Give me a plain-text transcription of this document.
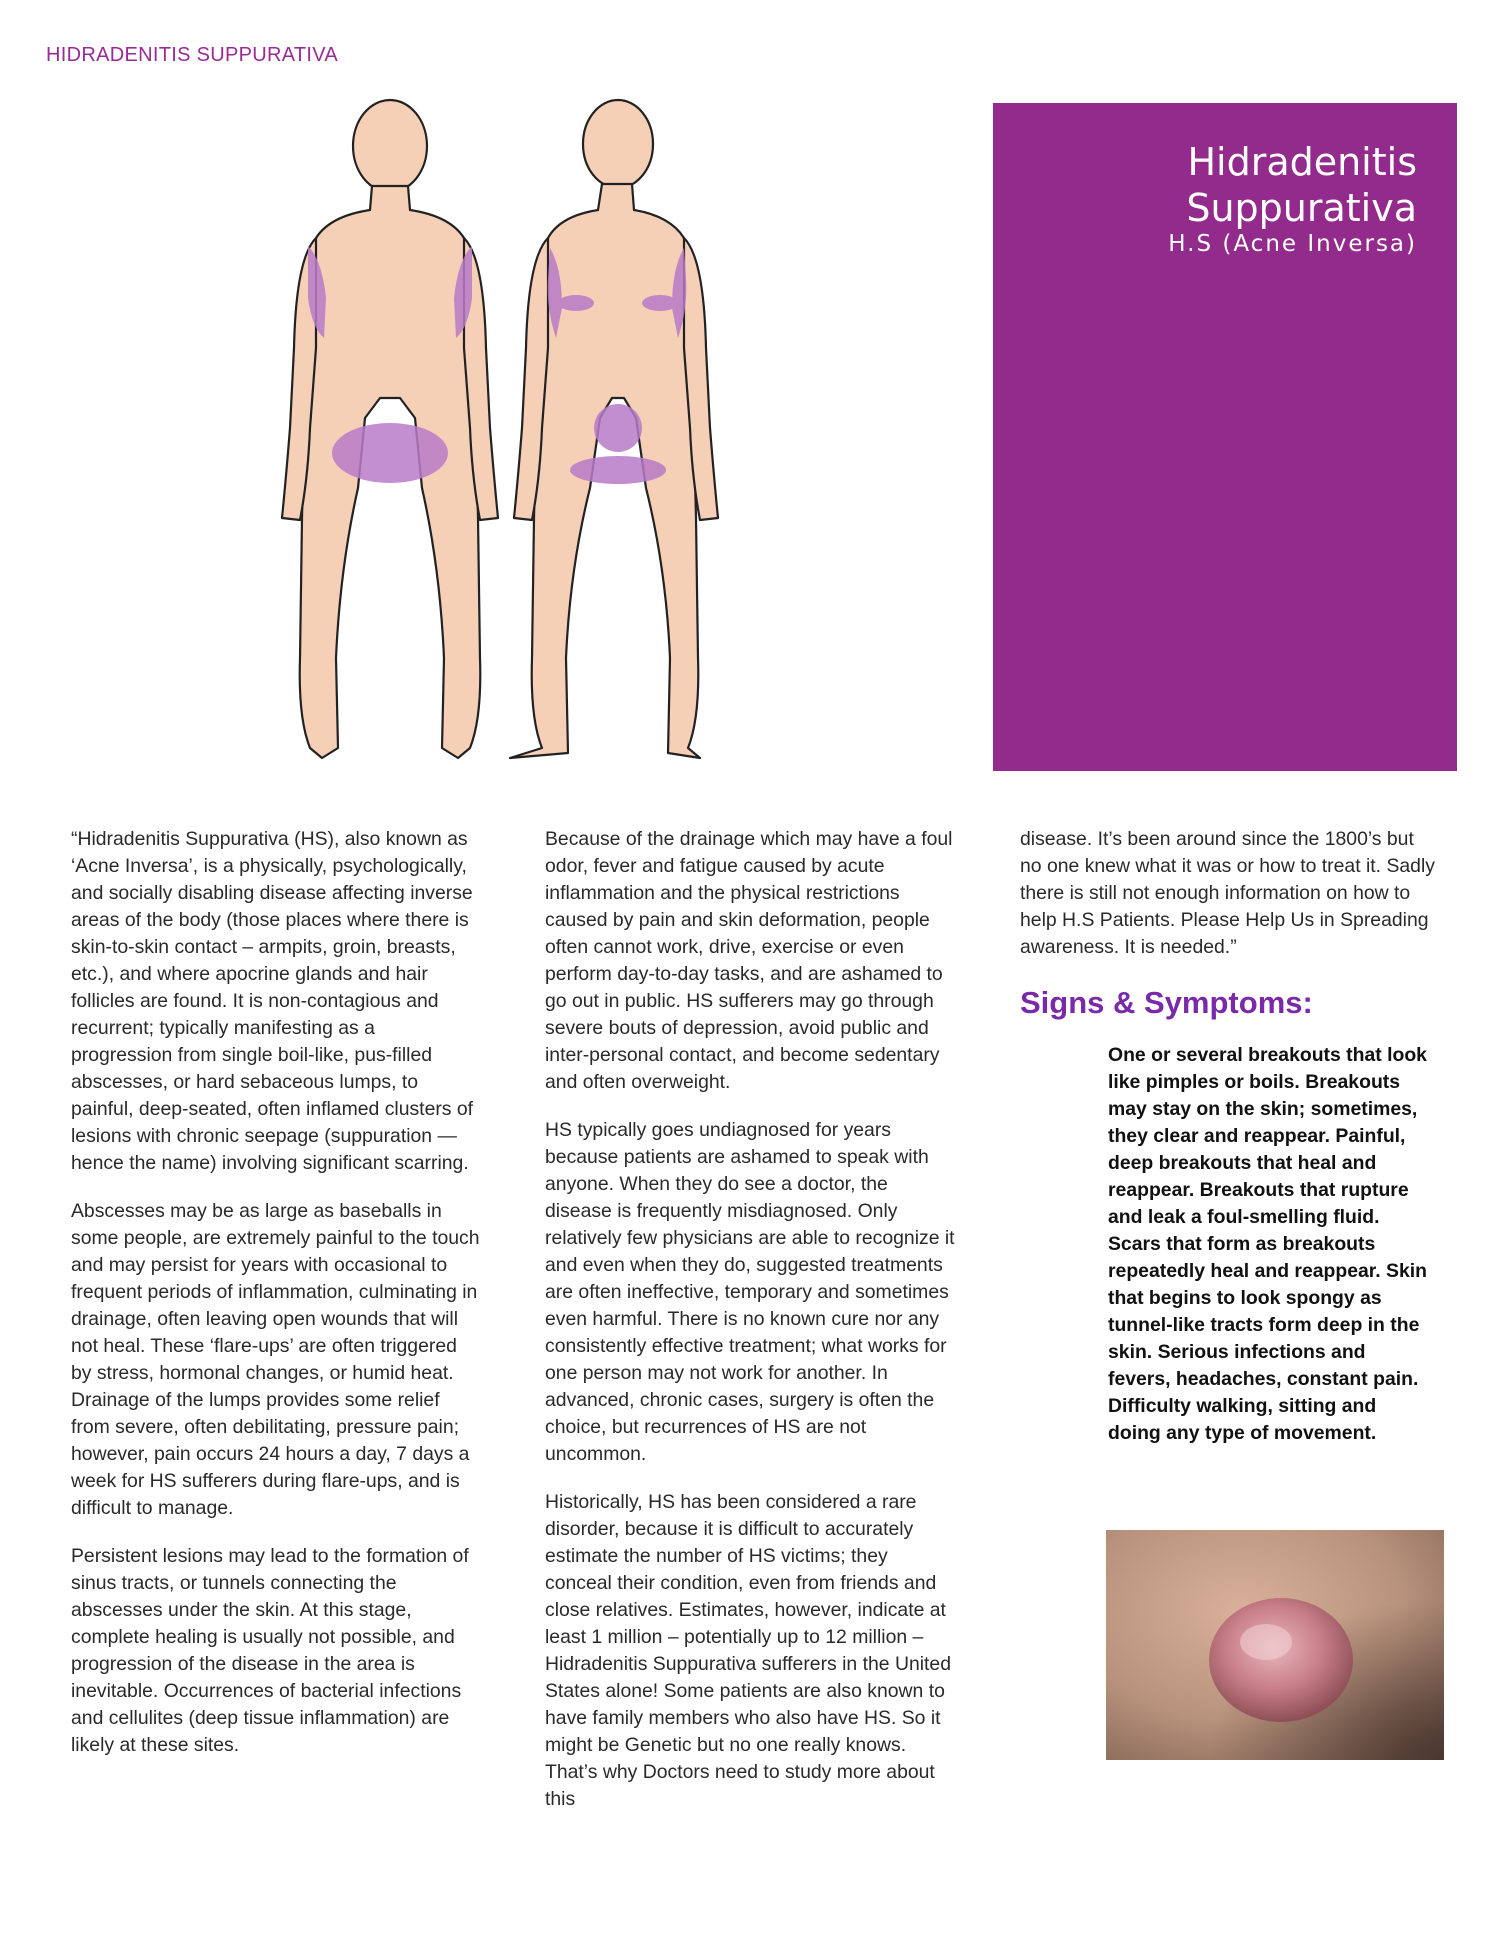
HIDRADENITIS SUPPURATIVA
Hidradenitis
Suppurativa
H.S (Acne Inversa)

“Hidradenitis Suppurativa (HS), also known as ‘Acne Inversa’, is a physically, psychologically, and socially disabling disease affecting inverse areas of the body (those places where there is skin-to-skin contact – armpits, groin, breasts, etc.), and where apocrine glands and hair follicles are found. It is non-contagious and recurrent; typically manifesting as a progression from single boil-like, pus-filled abscesses, or hard sebaceous lumps, to painful, deep-seated, often inflamed clusters of lesions with chronic seepage (suppuration — hence the name) involving significant scarring.

Abscesses may be as large as baseballs in some people, are extremely painful to the touch and may persist for years with occasional to frequent periods of inflammation, culminating in drainage, often leaving open wounds that will not heal. These ‘flare-ups’ are often triggered by stress, hormonal changes, or humid heat. Drainage of the lumps provides some relief from severe, often debilitating, pressure pain; however, pain occurs 24 hours a day, 7 days a week for HS sufferers during flare-ups, and is difficult to manage.

Persistent lesions may lead to the formation of sinus tracts, or tunnels connecting the abscesses under the skin. At this stage, complete healing is usually not possible, and progression of the disease in the area is inevitable. Occurrences of bacterial infections and cellulites (deep tissue inflammation) are likely at these sites.

Because of the drainage which may have a foul odor, fever and fatigue caused by acute inflammation and the physical restrictions caused by pain and skin deformation, people often cannot work, drive, exercise or even perform day-to-day tasks, and are ashamed to go out in public. HS sufferers may go through severe bouts of depression, avoid public and inter-personal contact, and become sedentary and often overweight.

HS typically goes undiagnosed for years because patients are ashamed to speak with anyone. When they do see a doctor, the disease is frequently misdiagnosed. Only relatively few physicians are able to recognize it and even when they do, suggested treatments are often ineffective, temporary and sometimes even harmful. There is no known cure nor any consistently effective treatment; what works for one person may not work for another. In advanced, chronic cases, surgery is often the choice, but recurrences of HS are not uncommon.

Historically, HS has been considered a rare disorder, because it is difficult to accurately estimate the number of HS victims; they conceal their condition, even from friends and close relatives. Estimates, however, indicate at least 1 million – potentially up to 12 million – Hidradenitis Suppurativa sufferers in the United States alone! Some patients are also known to have family members who also have HS. So it might be Genetic but no one really knows. That’s why Doctors need to study more about this

disease. It’s been around since the 1800’s but no one knew what it was or how to treat it. Sadly there is still not enough information on how to help H.S Patients. Please Help Us in Spreading awareness. It is needed.”

Signs & Symptoms:
One or several breakouts that look like pimples or boils. Breakouts may stay on the skin; sometimes, they clear and reappear. Painful, deep breakouts that heal and reappear. Breakouts that rupture and leak a foul-smelling fluid. Scars that form as breakouts repeatedly heal and reappear. Skin that begins to look spongy as tunnel-like tracts form deep in the skin. Serious infections and fevers, headaches, constant pain. Difficulty walking, sitting and doing any type of movement.
